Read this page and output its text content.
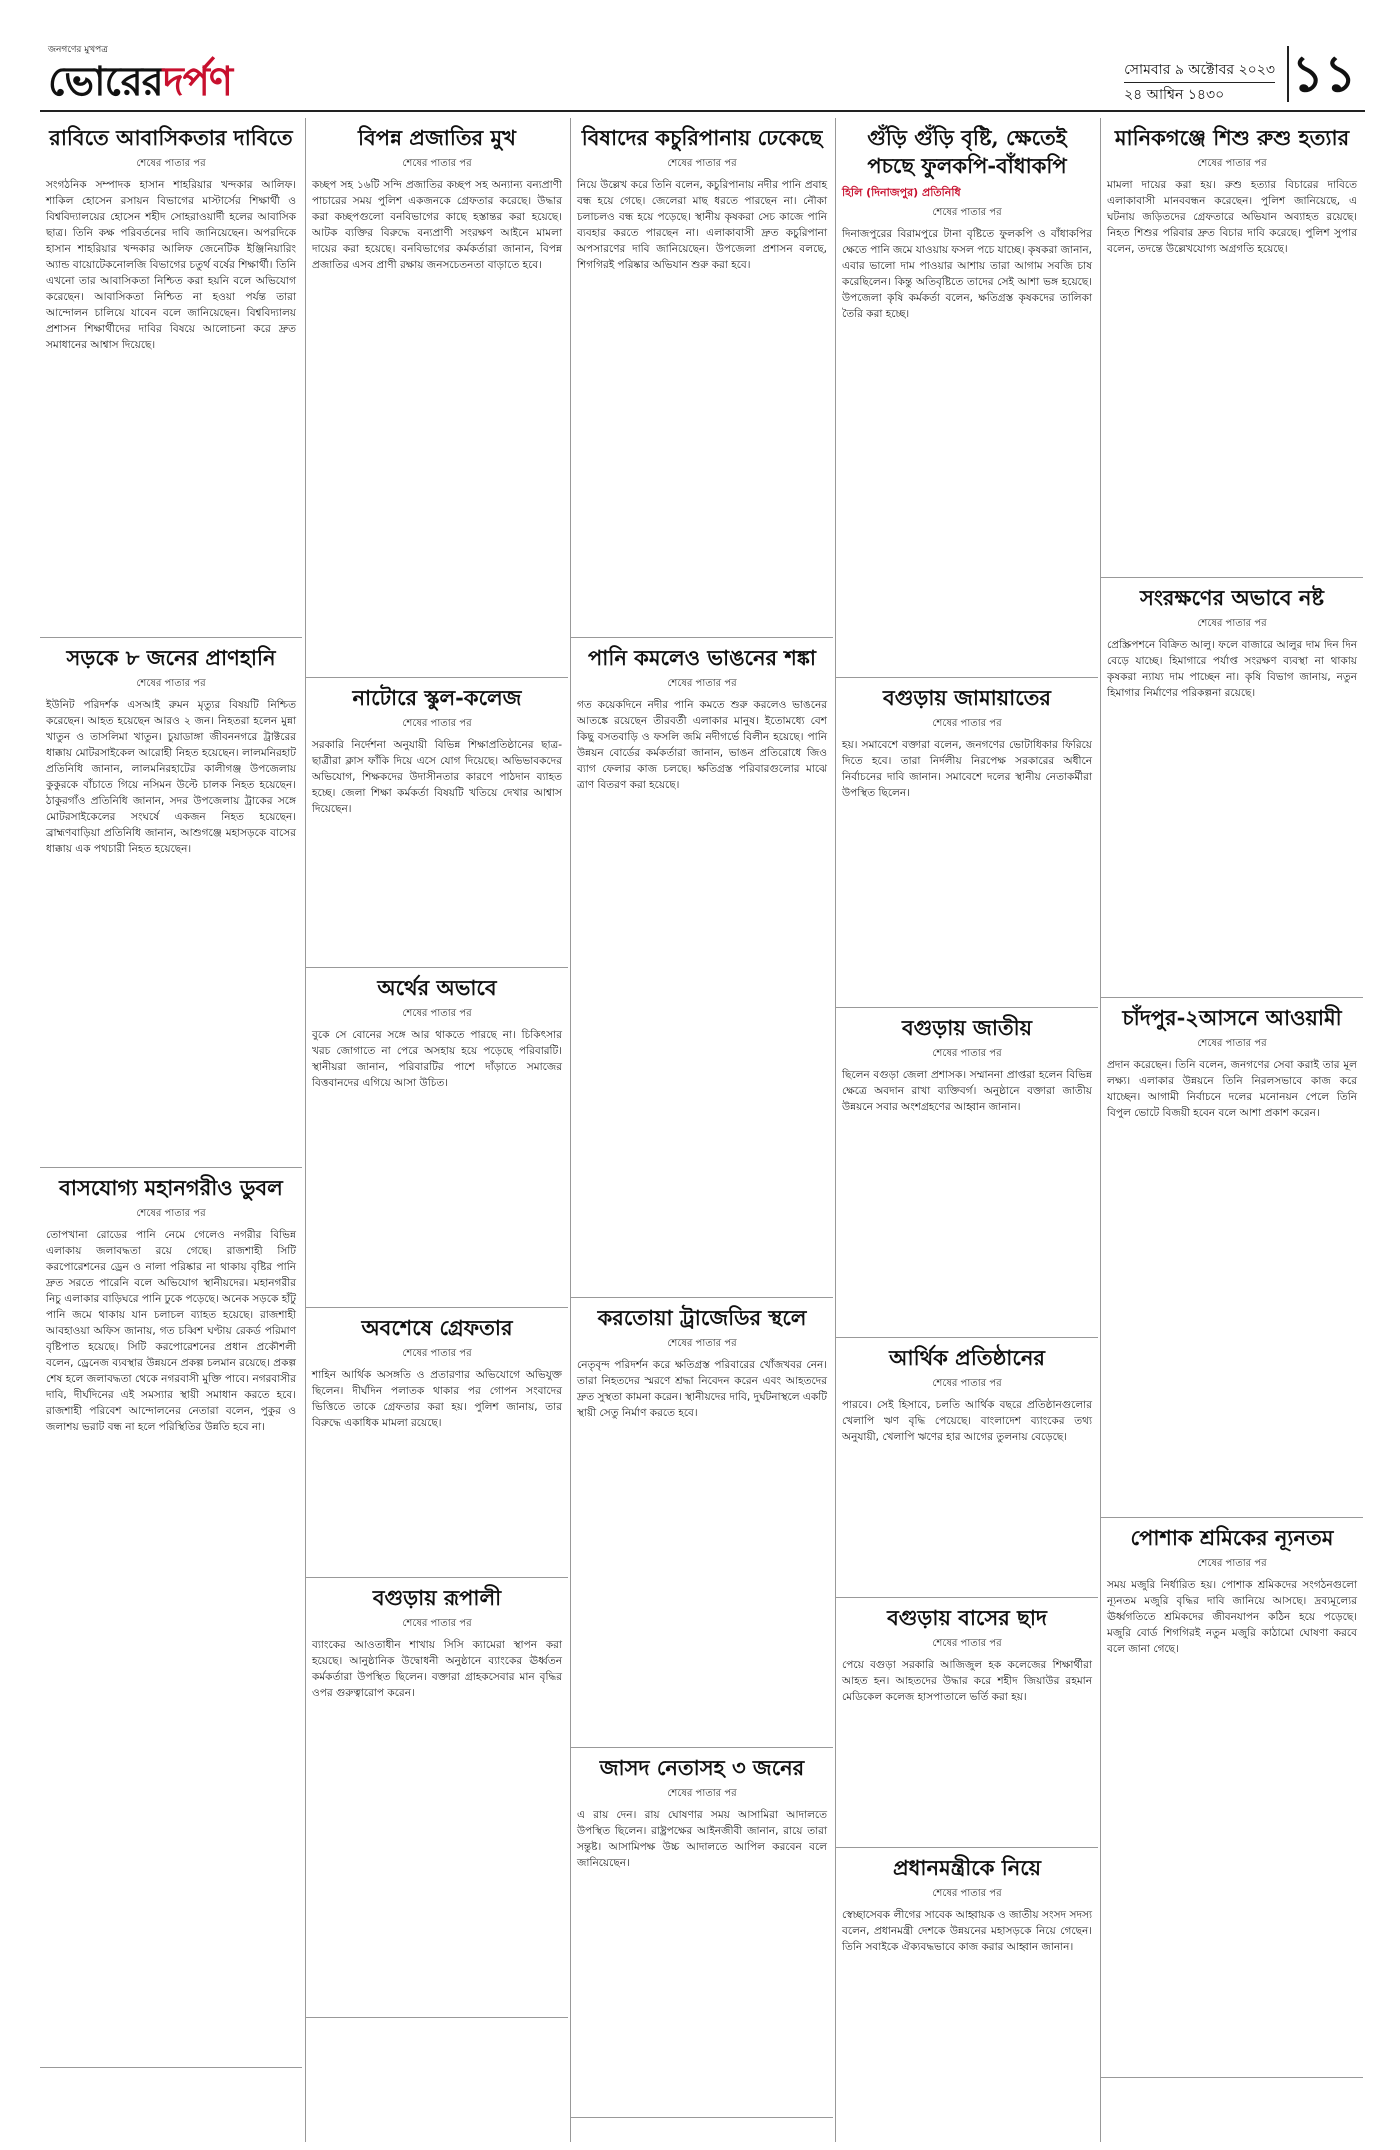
জনগণের মুখপত্র
ভোরেরদর্পণ	সোমবার ৯ অক্টোবর ২০২৩
২৪ আশ্বিন ১৪৩০	১১
রাবিতে আবাসিকতার দাবিতে
শেষের পাতার পর
সংগঠনিক সম্পাদক হাসান শাহরিয়ার খন্দকার আলিফ। শাকিল হোসেন রসায়ন বিভাগের মাস্টার্সের শিক্ষার্থী ও বিশ্ববিদ্যালয়ের হোসেন শহীদ সোহরাওয়ার্দী হলের আবাসিক ছাত্র। তিনি কক্ষ পরিবর্তনের দাবি জানিয়েছেন। অপরদিকে হাসান শাহরিয়ার খন্দকার আলিফ জেনেটিক ইঞ্জিনিয়ারিং অ্যান্ড বায়োটেকনোলজি বিভাগের চতুর্থ বর্ষের শিক্ষার্থী। তিনি এখনো তার আবাসিকতা নিশ্চিত করা হয়নি বলে অভিযোগ করেছেন। আবাসিকতা নিশ্চিত না হওয়া পর্যন্ত তারা আন্দোলন চালিয়ে যাবেন বলে জানিয়েছেন। বিশ্ববিদ্যালয় প্রশাসন শিক্ষার্থীদের দাবির বিষয়ে আলোচনা করে দ্রুত সমাধানের আশ্বাস দিয়েছে।
সড়কে ৮ জনের প্রাণহানি
শেষের পাতার পর
ইউনিট পরিদর্শক এসআই রুমন মৃত্যুর বিষয়টি নিশ্চিত করেছেন। আহত হয়েছেন আরও ২ জন। নিহতরা হলেন মুন্না খাতুন ও তাসলিমা খাতুন। চুয়াডাঙ্গা জীবননগরে ট্রাক্টরের ধাক্কায় মোটরসাইকেল আরোহী নিহত হয়েছেন। লালমনিরহাট প্রতিনিধি জানান, লালমনিরহাটের কালীগঞ্জ উপজেলায় কুকুরকে বাঁচাতে গিয়ে নসিমন উল্টে চালক নিহত হয়েছেন। ঠাকুরগাঁও প্রতিনিধি জানান, সদর উপজেলায় ট্রাকের সঙ্গে মোটরসাইকেলের সংঘর্ষে একজন নিহত হয়েছেন। ব্রাহ্মণবাড়িয়া প্রতিনিধি জানান, আশুগঞ্জে মহাসড়কে বাসের ধাক্কায় এক পথচারী নিহত হয়েছেন।
বাসযোগ্য মহানগরীও ডুবল
শেষের পাতার পর
তোপখানা রোডের পানি নেমে গেলেও নগরীর বিভিন্ন এলাকায় জলাবদ্ধতা রয়ে গেছে। রাজশাহী সিটি করপোরেশনের ড্রেন ও নালা পরিষ্কার না থাকায় বৃষ্টির পানি দ্রুত সরতে পারেনি বলে অভিযোগ স্থানীয়দের। মহানগরীর নিচু এলাকার বাড়িঘরে পানি ঢুকে পড়েছে। অনেক সড়কে হাঁটু পানি জমে থাকায় যান চলাচল ব্যাহত হয়েছে। রাজশাহী আবহাওয়া অফিস জানায়, গত চব্বিশ ঘণ্টায় রেকর্ড পরিমাণ বৃষ্টিপাত হয়েছে। সিটি করপোরেশনের প্রধান প্রকৌশলী বলেন, ড্রেনেজ ব্যবস্থার উন্নয়নে প্রকল্প চলমান রয়েছে। প্রকল্প শেষ হলে জলাবদ্ধতা থেকে নগরবাসী মুক্তি পাবে। নগরবাসীর দাবি, দীর্ঘদিনের এই সমস্যার স্থায়ী সমাধান করতে হবে। রাজশাহী পরিবেশ আন্দোলনের নেতারা বলেন, পুকুর ও জলাশয় ভরাট বন্ধ না হলে পরিস্থিতির উন্নতি হবে না।
বিপন্ন প্রজাতির মুখ
শেষের পাতার পর
কচ্ছপ সহ ১৬টি সন্দি প্রজাতির কচ্ছপ সহ অন্যান্য বন্যপ্রাণী পাচারের সময় পুলিশ একজনকে গ্রেফতার করেছে। উদ্ধার করা কচ্ছপগুলো বনবিভাগের কাছে হস্তান্তর করা হয়েছে। আটক ব্যক্তির বিরুদ্ধে বন্যপ্রাণী সংরক্ষণ আইনে মামলা দায়ের করা হয়েছে। বনবিভাগের কর্মকর্তারা জানান, বিপন্ন প্রজাতির এসব প্রাণী রক্ষায় জনসচেতনতা বাড়াতে হবে।
নাটোরে স্কুল-কলেজ
শেষের পাতার পর
সরকারি নির্দেশনা অনুযায়ী বিভিন্ন শিক্ষাপ্রতিষ্ঠানের ছাত্র-ছাত্রীরা ক্লাস ফাঁকি দিয়ে এসে যোগ দিয়েছে। অভিভাবকদের অভিযোগ, শিক্ষকদের উদাসীনতার কারণে পাঠদান ব্যাহত হচ্ছে। জেলা শিক্ষা কর্মকর্তা বিষয়টি খতিয়ে দেখার আশ্বাস দিয়েছেন।
অর্থের অভাবে
শেষের পাতার পর
বুকে সে বোনের সঙ্গে আর থাকতে পারছে না। চিকিৎসার খরচ জোগাতে না পেরে অসহায় হয়ে পড়েছে পরিবারটি। স্থানীয়রা জানান, পরিবারটির পাশে দাঁড়াতে সমাজের বিত্তবানদের এগিয়ে আসা উচিত।
অবশেষে গ্রেফতার
শেষের পাতার পর
শাহিন আর্থিক অসঙ্গতি ও প্রতারণার অভিযোগে অভিযুক্ত ছিলেন। দীর্ঘদিন পলাতক থাকার পর গোপন সংবাদের ভিত্তিতে তাকে গ্রেফতার করা হয়। পুলিশ জানায়, তার বিরুদ্ধে একাধিক মামলা রয়েছে।
বগুড়ায় রূপালী
শেষের পাতার পর
ব্যাংকের আওতাধীন শাখায় সিসি ক্যামেরা স্থাপন করা হয়েছে। আনুষ্ঠানিক উদ্বোধনী অনুষ্ঠানে ব্যাংকের ঊর্ধ্বতন কর্মকর্তারা উপস্থিত ছিলেন। বক্তারা গ্রাহকসেবার মান বৃদ্ধির ওপর গুরুত্বারোপ করেন।
বিষাদের কচুরিপানায় ঢেকেছে
শেষের পাতার পর
নিয়ে উল্লেখ করে তিনি বলেন, কচুরিপানায় নদীর পানি প্রবাহ বন্ধ হয়ে গেছে। জেলেরা মাছ ধরতে পারছেন না। নৌকা চলাচলও বন্ধ হয়ে পড়েছে। স্থানীয় কৃষকরা সেচ কাজে পানি ব্যবহার করতে পারছেন না। এলাকাবাসী দ্রুত কচুরিপানা অপসারণের দাবি জানিয়েছেন। উপজেলা প্রশাসন বলছে, শিগগিরই পরিষ্কার অভিযান শুরু করা হবে।
পানি কমলেও ভাঙনের শঙ্কা
শেষের পাতার পর
গত কয়েকদিনে নদীর পানি কমতে শুরু করলেও ভাঙনের আতঙ্কে রয়েছেন তীরবর্তী এলাকার মানুষ। ইতোমধ্যে বেশ কিছু বসতবাড়ি ও ফসলি জমি নদীগর্ভে বিলীন হয়েছে। পানি উন্নয়ন বোর্ডের কর্মকর্তারা জানান, ভাঙন প্রতিরোধে জিও ব্যাগ ফেলার কাজ চলছে। ক্ষতিগ্রস্ত পরিবারগুলোর মাঝে ত্রাণ বিতরণ করা হয়েছে।
করতোয়া ট্রাজেডির স্থলে
শেষের পাতার পর
নেতৃবৃন্দ পরিদর্শন করে ক্ষতিগ্রস্ত পরিবারের খোঁজখবর নেন। তারা নিহতদের স্মরণে শ্রদ্ধা নিবেদন করেন এবং আহতদের দ্রুত সুস্থতা কামনা করেন। স্থানীয়দের দাবি, দুর্ঘটনাস্থলে একটি স্থায়ী সেতু নির্মাণ করতে হবে।
জাসদ নেতাসহ ৩ জনের
শেষের পাতার পর
এ রায় দেন। রায় ঘোষণার সময় আসামিরা আদালতে উপস্থিত ছিলেন। রাষ্ট্রপক্ষের আইনজীবী জানান, রায়ে তারা সন্তুষ্ট। আসামিপক্ষ উচ্চ আদালতে আপিল করবেন বলে জানিয়েছেন।
গুঁড়ি গুঁড়ি বৃষ্টি, ক্ষেতেই পচছে ফুলকপি-বাঁধাকপি
হিলি (দিনাজপুর) প্রতিনিধি
শেষের পাতার পর
দিনাজপুরের বিরামপুরে টানা বৃষ্টিতে ফুলকপি ও বাঁধাকপির ক্ষেতে পানি জমে যাওয়ায় ফসল পচে যাচ্ছে। কৃষকরা জানান, এবার ভালো দাম পাওয়ার আশায় তারা আগাম সবজি চাষ করেছিলেন। কিন্তু অতিবৃষ্টিতে তাদের সেই আশা ভঙ্গ হয়েছে। উপজেলা কৃষি কর্মকর্তা বলেন, ক্ষতিগ্রস্ত কৃষকদের তালিকা তৈরি করা হচ্ছে।
বগুড়ায় জামায়াতের
শেষের পাতার পর
হয়। সমাবেশে বক্তারা বলেন, জনগণের ভোটাধিকার ফিরিয়ে দিতে হবে। তারা নির্দলীয় নিরপেক্ষ সরকারের অধীনে নির্বাচনের দাবি জানান। সমাবেশে দলের স্থানীয় নেতাকর্মীরা উপস্থিত ছিলেন।
বগুড়ায় জাতীয়
শেষের পাতার পর
ছিলেন বগুড়া জেলা প্রশাসক। সম্মাননা প্রাপ্তরা হলেন বিভিন্ন ক্ষেত্রে অবদান রাখা ব্যক্তিবর্গ। অনুষ্ঠানে বক্তারা জাতীয় উন্নয়নে সবার অংশগ্রহণের আহ্বান জানান।
আর্থিক প্রতিষ্ঠানের
শেষের পাতার পর
পারবে। সেই হিসাবে, চলতি আর্থিক বছরে প্রতিষ্ঠানগুলোর খেলাপি ঋণ বৃদ্ধি পেয়েছে। বাংলাদেশ ব্যাংকের তথ্য অনুযায়ী, খেলাপি ঋণের হার আগের তুলনায় বেড়েছে।
বগুড়ায় বাসের ছাদ
শেষের পাতার পর
পেয়ে বগুড়া সরকারি আজিজুল হক কলেজের শিক্ষার্থীরা আহত হন। আহতদের উদ্ধার করে শহীদ জিয়াউর রহমান মেডিকেল কলেজ হাসপাতালে ভর্তি করা হয়।
প্রধানমন্ত্রীকে নিয়ে
শেষের পাতার পর
স্বেচ্ছাসেবক লীগের সাবেক আহ্বায়ক ও জাতীয় সংসদ সদস্য বলেন, প্রধানমন্ত্রী দেশকে উন্নয়নের মহাসড়কে নিয়ে গেছেন। তিনি সবাইকে ঐক্যবদ্ধভাবে কাজ করার আহ্বান জানান।
মানিকগঞ্জে শিশু রুশু হত্যার
শেষের পাতার পর
মামলা দায়ের করা হয়। রুশু হত্যার বিচারের দাবিতে এলাকাবাসী মানববন্ধন করেছেন। পুলিশ জানিয়েছে, এ ঘটনায় জড়িতদের গ্রেফতারে অভিযান অব্যাহত রয়েছে। নিহত শিশুর পরিবার দ্রুত বিচার দাবি করেছে। পুলিশ সুপার বলেন, তদন্তে উল্লেখযোগ্য অগ্রগতি হয়েছে।
সংরক্ষণের অভাবে নষ্ট
শেষের পাতার পর
প্রেস্ক্রিপশনে বিক্রিত আলু। ফলে বাজারে আলুর দাম দিন দিন বেড়ে যাচ্ছে। হিমাগারে পর্যাপ্ত সংরক্ষণ ব্যবস্থা না থাকায় কৃষকরা ন্যায্য দাম পাচ্ছেন না। কৃষি বিভাগ জানায়, নতুন হিমাগার নির্মাণের পরিকল্পনা রয়েছে।
চাঁদপুর-২আসনে আওয়ামী
শেষের পাতার পর
প্রদান করেছেন। তিনি বলেন, জনগণের সেবা করাই তার মূল লক্ষ্য। এলাকার উন্নয়নে তিনি নিরলসভাবে কাজ করে যাচ্ছেন। আগামী নির্বাচনে দলের মনোনয়ন পেলে তিনি বিপুল ভোটে বিজয়ী হবেন বলে আশা প্রকাশ করেন।
পোশাক শ্রমিকের ন্যূনতম
শেষের পাতার পর
সময় মজুরি নির্ধারিত হয়। পোশাক শ্রমিকদের সংগঠনগুলো ন্যূনতম মজুরি বৃদ্ধির দাবি জানিয়ে আসছে। দ্রব্যমূল্যের ঊর্ধ্বগতিতে শ্রমিকদের জীবনযাপন কঠিন হয়ে পড়েছে। মজুরি বোর্ড শিগগিরই নতুন মজুরি কাঠামো ঘোষণা করবে বলে জানা গেছে।
